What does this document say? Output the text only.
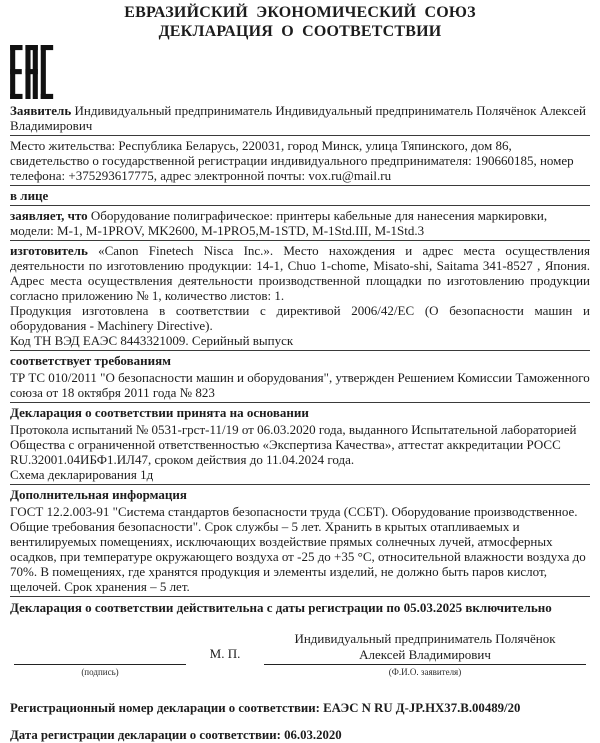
ЕВРАЗИЙСКИЙ ЭКОНОМИЧЕСКИЙ СОЮЗ
ДЕКЛАРАЦИЯ О СООТВЕТСТВИИ
Заявитель Индивидуальный предприниматель Индивидуальный предприниматель Полячёнок Алексей Владимирович
Место жительства: Республика Беларусь, 220031, город Минск, улица Тяпинского, дом 86, свидетельство о государственной регистрации индивидуального предпринимателя: 190660185, номер телефона: +375293617775, адрес электронной почты: vox.ru@mail.ru
в лице
заявляет, что Оборудование полиграфическое: принтеры кабельные для нанесения маркировки, модели: M-1, M-1PROV, MK2600, M-1PRO5,M-1STD, M-1Std.III, M-1Std.3
изготовитель «Canon Finetech Nisca Inc.». Место нахождения и адрес места осуществления деятельности по изготовлению продукции: 14-1, Chuo 1-chome, Misato-shi, Saitama 341-8527 , Япония. Адрес места осуществления деятельности производственной площадки по изготовлению продукции согласно приложению № 1, количество листов: 1.
Продукция изготовлена в соответствии с директивой 2006/42/EC (О безопасности машин и оборудования - Machinery Directive).
Код ТН ВЭД ЕАЭС 8443321009. Серийный выпуск
соответствует требованиям
ТР ТС 010/2011 "О безопасности машин и оборудования", утвержден Решением Комиссии Таможенного союза от 18 октября 2011 года № 823
Декларация о соответствии принята на основании
Протокола испытаний № 0531-грст-11/19 от 06.03.2020 года, выданного Испытательной лабораторией Общества с ограниченной ответственностью «Экспертиза Качества», аттестат аккредитации РОСС RU.32001.04ИБФ1.ИЛ47, сроком действия до 11.04.2024 года.
Схема декларирования 1д
Дополнительная информация
ГОСТ 12.2.003-91 "Система стандартов безопасности труда (ССБТ). Оборудование производственное. Общие требования безопасности". Срок службы – 5 лет. Хранить в крытых отапливаемых и вентилируемых помещениях, исключающих воздействие прямых солнечных лучей, атмосферных осадков, при температуре окружающего воздуха от -25 до +35 °С, относительной влажности воздуха до 70%. В помещениях, где хранятся продукция и элементы изделий, не должно быть паров кислот, щелочей. Срок хранения – 5 лет.
Декларация о соответствии действительна с даты регистрации по 05.03.2025 включительно
(подпись)
М. П.
Индивидуальный предприниматель Полячёнок Алексей Владимирович
(Ф.И.О. заявителя)
Регистрационный номер декларации о соответствии: ЕАЭС N RU Д-JP.НХ37.В.00489/20
Дата регистрации декларации о соответствии: 06.03.2020
